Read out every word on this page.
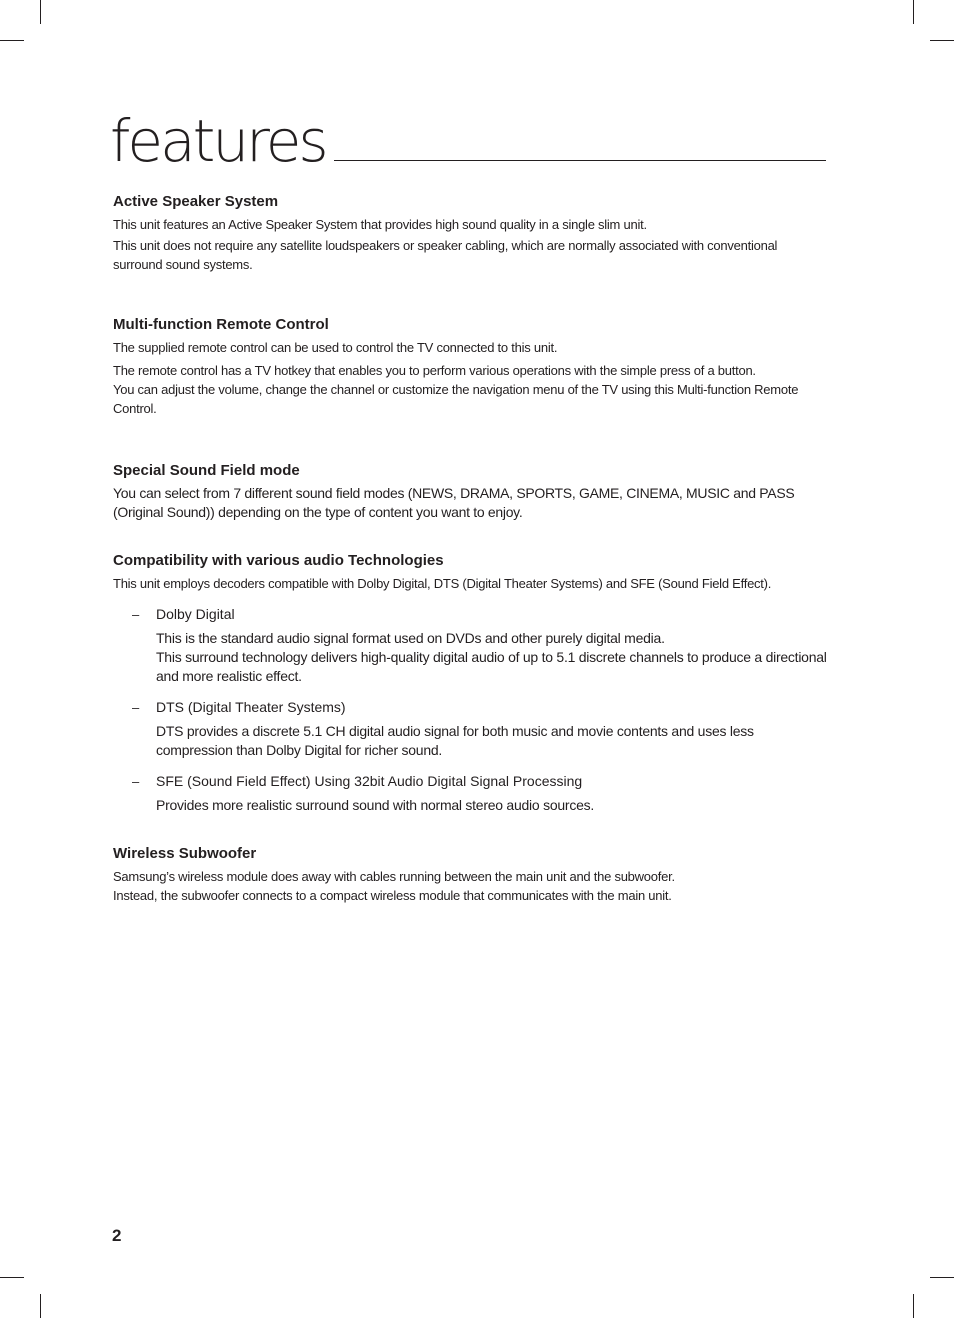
features
Active Speaker System

This unit features an Active Speaker System that provides high sound quality in a single slim unit.

This unit does not require any satellite loudspeakers or speaker cabling, which are normally associated with conventional surround sound systems.

Multi-function Remote Control

The supplied remote control can be used to control the TV connected to this unit.

The remote control has a TV hotkey that enables you to perform various operations with the simple press of a button.

You can adjust the volume, change the channel or customize the navigation menu of the TV using this Multi-function Remote Control.

Special Sound Field mode

You can select from 7 different sound field modes (NEWS, DRAMA, SPORTS, GAME, CINEMA, MUSIC and PASS (Original Sound)) depending on the type of content you want to enjoy.

Compatibility with various audio Technologies

This unit employs decoders compatible with Dolby Digital, DTS (Digital Theater Systems) and SFE (Sound Field Effect).

– Dolby Digital

This is the standard audio signal format used on DVDs and other purely digital media.

This surround technology delivers high-quality digital audio of up to 5.1 discrete channels to produce a directional and more realistic effect.

– DTS (Digital Theater Systems)

DTS provides a discrete 5.1 CH digital audio signal for both music and movie contents and uses less compression than Dolby Digital for richer sound.

– SFE (Sound Field Effect) Using 32bit Audio Digital Signal Processing

Provides more realistic surround sound with normal stereo audio sources.

Wireless Subwoofer

Samsung’s wireless module does away with cables running between the main unit and the subwoofer.

Instead, the subwoofer connects to a compact wireless module that communicates with the main unit.

2
